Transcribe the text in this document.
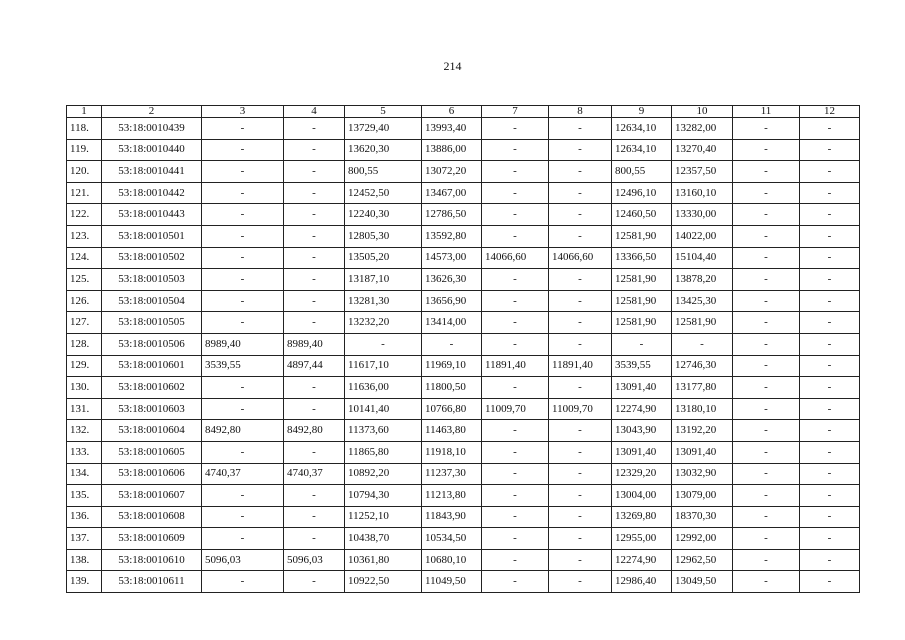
214
1	2	3	4	5	6	7	8	9	10	11	12
118.	53:18:0010439	-	-	13729,40	13993,40	-	-	12634,10	13282,00	-	-
119.	53:18:0010440	-	-	13620,30	13886,00	-	-	12634,10	13270,40	-	-
120.	53:18:0010441	-	-	800,55	13072,20	-	-	800,55	12357,50	-	-
121.	53:18:0010442	-	-	12452,50	13467,00	-	-	12496,10	13160,10	-	-
122.	53:18:0010443	-	-	12240,30	12786,50	-	-	12460,50	13330,00	-	-
123.	53:18:0010501	-	-	12805,30	13592,80	-	-	12581,90	14022,00	-	-
124.	53:18:0010502	-	-	13505,20	14573,00	14066,60	14066,60	13366,50	15104,40	-	-
125.	53:18:0010503	-	-	13187,10	13626,30	-	-	12581,90	13878,20	-	-
126.	53:18:0010504	-	-	13281,30	13656,90	-	-	12581,90	13425,30	-	-
127.	53:18:0010505	-	-	13232,20	13414,00	-	-	12581,90	12581,90	-	-
128.	53:18:0010506	8989,40	8989,40	-	-	-	-	-	-	-	-
129.	53:18:0010601	3539,55	4897,44	11617,10	11969,10	11891,40	11891,40	3539,55	12746,30	-	-
130.	53:18:0010602	-	-	11636,00	11800,50	-	-	13091,40	13177,80	-	-
131.	53:18:0010603	-	-	10141,40	10766,80	11009,70	11009,70	12274,90	13180,10	-	-
132.	53:18:0010604	8492,80	8492,80	11373,60	11463,80	-	-	13043,90	13192,20	-	-
133.	53:18:0010605	-	-	11865,80	11918,10	-	-	13091,40	13091,40	-	-
134.	53:18:0010606	4740,37	4740,37	10892,20	11237,30	-	-	12329,20	13032,90	-	-
135.	53:18:0010607	-	-	10794,30	11213,80	-	-	13004,00	13079,00	-	-
136.	53:18:0010608	-	-	11252,10	11843,90	-	-	13269,80	18370,30	-	-
137.	53:18:0010609	-	-	10438,70	10534,50	-	-	12955,00	12992,00	-	-
138.	53:18:0010610	5096,03	5096,03	10361,80	10680,10	-	-	12274,90	12962,50	-	-
139.	53:18:0010611	-	-	10922,50	11049,50	-	-	12986,40	13049,50	-	-
